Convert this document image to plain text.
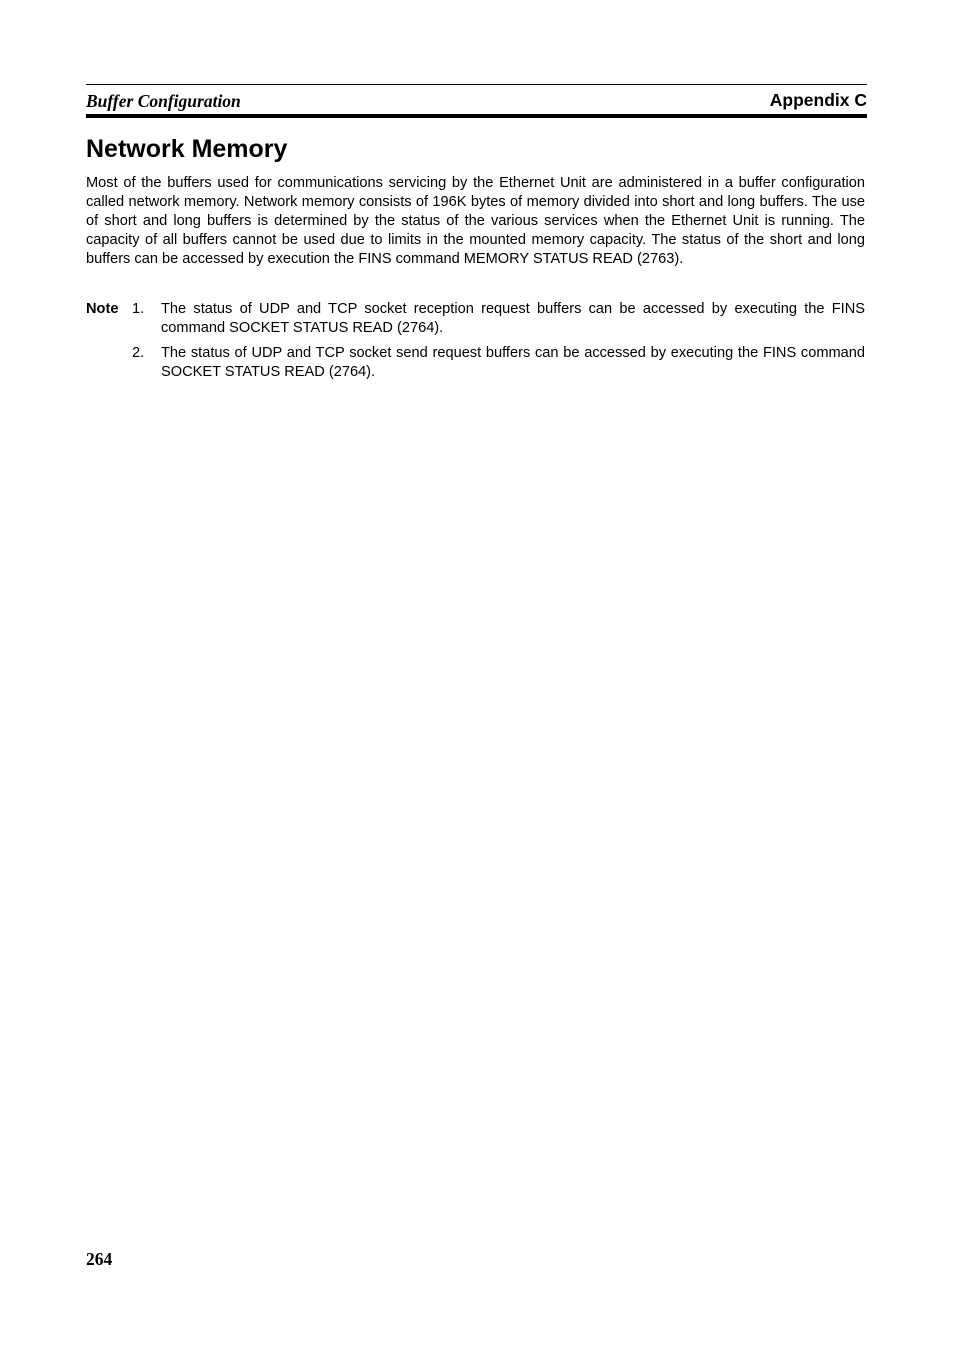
Buffer Configuration	Appendix C
Network Memory

Most of the buffers used for communications servicing by the Ethernet Unit are administered in a buffer configuration called network memory. Network memory consists of 196K bytes of memory divided into short and long buffers. The use of short and long buffers is determined by the status of the various services when the Ethernet Unit is running. The capacity of all buffers cannot be used due to limits in the mounted memory capacity. The status of the short and long buffers can be accessed by execution the FINS command MEMORY STATUS READ (2763).

Note 1. The status of UDP and TCP socket reception request buffers can be accessed by executing the FINS command SOCKET STATUS READ (2764).
2. The status of UDP and TCP socket send request buffers can be accessed by executing the FINS command SOCKET STATUS READ (2764).
264
